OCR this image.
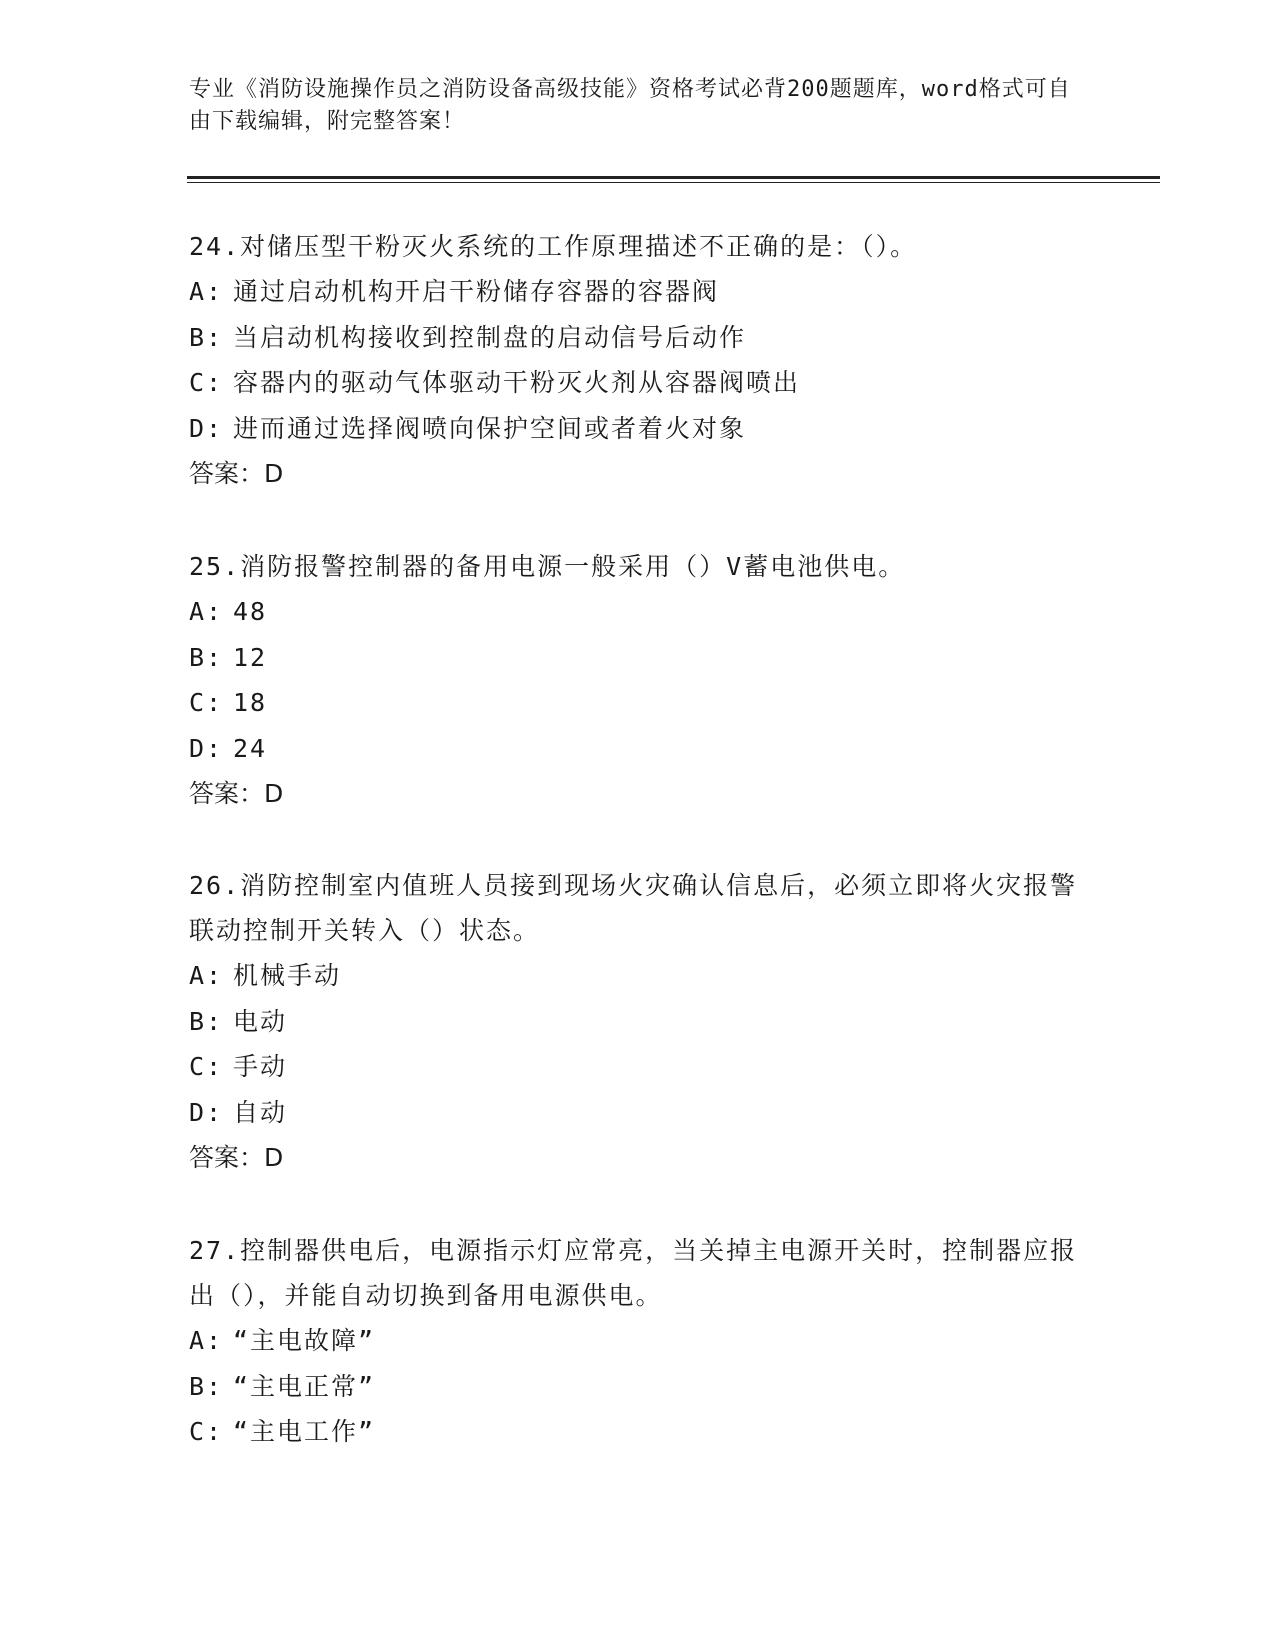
专业《消防设施操作员之消防设备高级技能》资格考试必背200题题库，word格式可自由下载编辑，附完整答案！

24.对储压型干粉灭火系统的工作原理描述不正确的是：（）。

A: 通过启动机构开启干粉储存容器的容器阀

B: 当启动机构接收到控制盘的启动信号后动作

C: 容器内的驱动气体驱动干粉灭火剂从容器阀喷出

D: 进而通过选择阀喷向保护空间或者着火对象

答案：D

25.消防报警控制器的备用电源一般采用（）V蓄电池供电。

A: 48

B: 12

C: 18

D: 24

答案：D

26.消防控制室内值班人员接到现场火灾确认信息后，必须立即将火灾报警联动控制开关转入（）状态。

A: 机械手动

B: 电动

C: 手动

D: 自动

答案：D

27.控制器供电后，电源指示灯应常亮，当关掉主电源开关时，控制器应报出（），并能自动切换到备用电源供电。

A: “主电故障”

B: “主电正常”

C: “主电工作”
